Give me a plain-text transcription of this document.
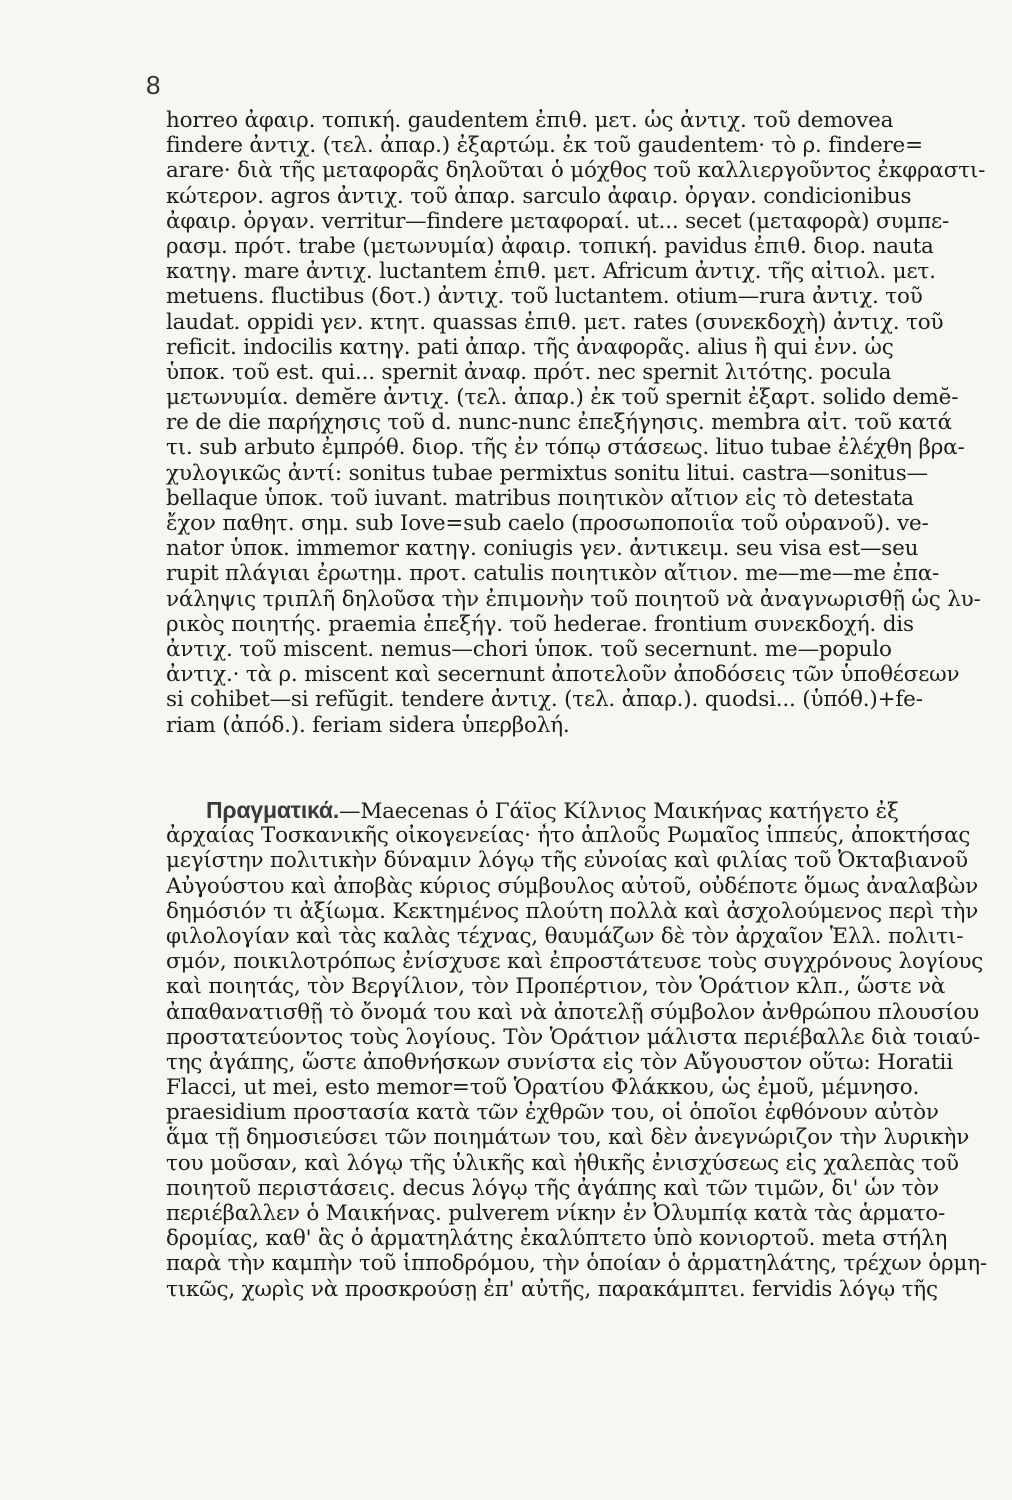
8
horreo ἀφαιρ. τοπική. gaudentem ἐπιθ. μετ. ὡς ἀντιχ. τοῦ demovea
findere ἀντιχ. (τελ. ἀπαρ.) ἐξαρτώμ. ἐκ τοῦ gaudentem· τὸ ρ. findere=
arare· διὰ τῆς μεταφορᾶς δηλοῦται ὁ μόχθος τοῦ καλλιεργοῦντος ἐκφραστι-
κώτερον. agros ἀντιχ. τοῦ ἀπαρ. sarculo ἀφαιρ. ὀργαν. condicionibus
ἀφαιρ. ὀργαν. verritur—findere μεταφοραί. ut... secet (μεταφορὰ) συμπε-
ρασμ. πρότ. trabe (μετωνυμία) ἀφαιρ. τοπική. pavidus ἐπιθ. διορ. nauta
κατηγ. mare ἀντιχ. luctantem ἐπιθ. μετ. Africum ἀντιχ. τῆς αἰτιολ. μετ.
metuens. fluctibus (δοτ.) ἀντιχ. τοῦ luctantem. otium—rura ἀντιχ. τοῦ
laudat. oppidi γεν. κτητ. quassas ἐπιθ. μετ. rates (συνεκδοχὴ) ἀντιχ. τοῦ
reficit. indocilis κατηγ. pati ἀπαρ. τῆς ἀναφορᾶς. alius ἢ qui ἐνν. ὡς
ὑποκ. τοῦ est. qui... spernit ἀναφ. πρότ. nec spernit λιτότης. pocula
μετωνυμία. demĕre ἀντιχ. (τελ. ἀπαρ.) ἐκ τοῦ spernit ἐξαρτ. solido demĕ-
re de die παρήχησις τοῦ d. nunc-nunc ἐπεξήγησις. membra αἰτ. τοῦ κατά
τι. sub arbuto ἐμπρόθ. διορ. τῆς ἐν τόπῳ στάσεως. lituo tubae ἐλέχθη βρα-
χυλογικῶς ἀντί: sonitus tubae permixtus sonitu litui. castra—sonitus—
bellaque ὑποκ. τοῦ iuvant. matribus ποιητικὸν αἴτιον εἰς τὸ detestata
ἔχον παθητ. σημ. sub Iove=sub caelo (προσωποποιΐα τοῦ οὐρανοῦ). ve-
nator ὑποκ. immemor κατηγ. coniugis γεν. ἀντικειμ. seu visa est—seu
rupit πλάγιαι ἐρωτημ. προτ. catulis ποιητικὸν αἴτιον. me—me—me ἐπα-
νάληψις τριπλῆ δηλοῦσα τὴν ἐπιμονὴν τοῦ ποιητοῦ νὰ ἀναγνωρισθῇ ὡς λυ-
ρικὸς ποιητής. praemia ἐπεξήγ. τοῦ hederae. frontium συνεκδοχή. dis
ἀντιχ. τοῦ miscent. nemus—chori ὑποκ. τοῦ secernunt. me—populo
ἀντιχ.· τὰ ρ. miscent καὶ secernunt ἀποτελοῦν ἀποδόσεις τῶν ὑποθέσεων
si cohibet—si refŭgit. tendere ἀντιχ. (τελ. ἀπαρ.). quodsi... (ὑπόθ.)+fe-
riam (ἀπόδ.). feriam sidera ὑπερβολή.
Πραγματικά.—Maecenas ὁ Γάϊος Κίλνιος Μαικήνας κατήγετο ἐξ
ἀρχαίας Τοσκανικῆς οἰκογενείας· ἦτο ἁπλοῦς Ρωμαῖος ἱππεύς, ἀποκτήσας
μεγίστην πολιτικὴν δύναμιν λόγῳ τῆς εὐνοίας καὶ φιλίας τοῦ Ὀκταβιανοῦ
Αὐγούστου καὶ ἀποβὰς κύριος σύμβουλος αὐτοῦ, οὐδέποτε ὅμως ἀναλαβὼν
δημόσιόν τι ἀξίωμα. Κεκτημένος πλούτη πολλὰ καὶ ἀσχολούμενος περὶ τὴν
φιλολογίαν καὶ τὰς καλὰς τέχνας, θαυμάζων δὲ τὸν ἀρχαῖον Ἑλλ. πολιτι-
σμόν, ποικιλοτρόπως ἐνίσχυσε καὶ ἐπροστάτευσε τοὺς συγχρόνους λογίους
καὶ ποιητάς, τὸν Βεργίλιον, τὸν Προπέρτιον, τὸν Ὁράτιον κλπ., ὥστε νὰ
ἀπαθανατισθῇ τὸ ὄνομά του καὶ νὰ ἀποτελῇ σύμβολον ἀνθρώπου πλουσίου
προστατεύοντος τοὺς λογίους. Τὸν Ὁράτιον μάλιστα περιέβαλλε διὰ τοιαύ-
της ἀγάπης, ὥστε ἀποθνήσκων συνίστα εἰς τὸν Αὔγουστον οὕτω: Horatii
Flacci, ut mei, esto memor=τοῦ Ὁρατίου Φλάκκου, ὡς ἐμοῦ, μέμνησο.
praesidium προστασία κατὰ τῶν ἐχθρῶν του, οἱ ὁποῖοι ἐφθόνουν αὐτὸν
ἅμα τῇ δημοσιεύσει τῶν ποιημάτων του, καὶ δὲν ἀνεγνώριζον τὴν λυρικὴν
του μοῦσαν, καὶ λόγῳ τῆς ὑλικῆς καὶ ἠθικῆς ἐνισχύσεως εἰς χαλεπὰς τοῦ
ποιητοῦ περιστάσεις. decus λόγῳ τῆς ἀγάπης καὶ τῶν τιμῶν, δι' ὧν τὸν
περιέβαλλεν ὁ Μαικήνας. pulverem νίκην ἐν Ὀλυμπίᾳ κατὰ τὰς ἁρματο-
δρομίας, καθ' ἃς ὁ ἁρματηλάτης ἐκαλύπτετο ὑπὸ κονιορτοῦ. meta στήλη
παρὰ τὴν καμπὴν τοῦ ἱπποδρόμου, τὴν ὁποίαν ὁ ἁρματηλάτης, τρέχων ὁρμη-
τικῶς, χωρὶς νὰ προσκρούσῃ ἐπ' αὐτῆς, παρακάμπτει. fervidis λόγῳ τῆς
